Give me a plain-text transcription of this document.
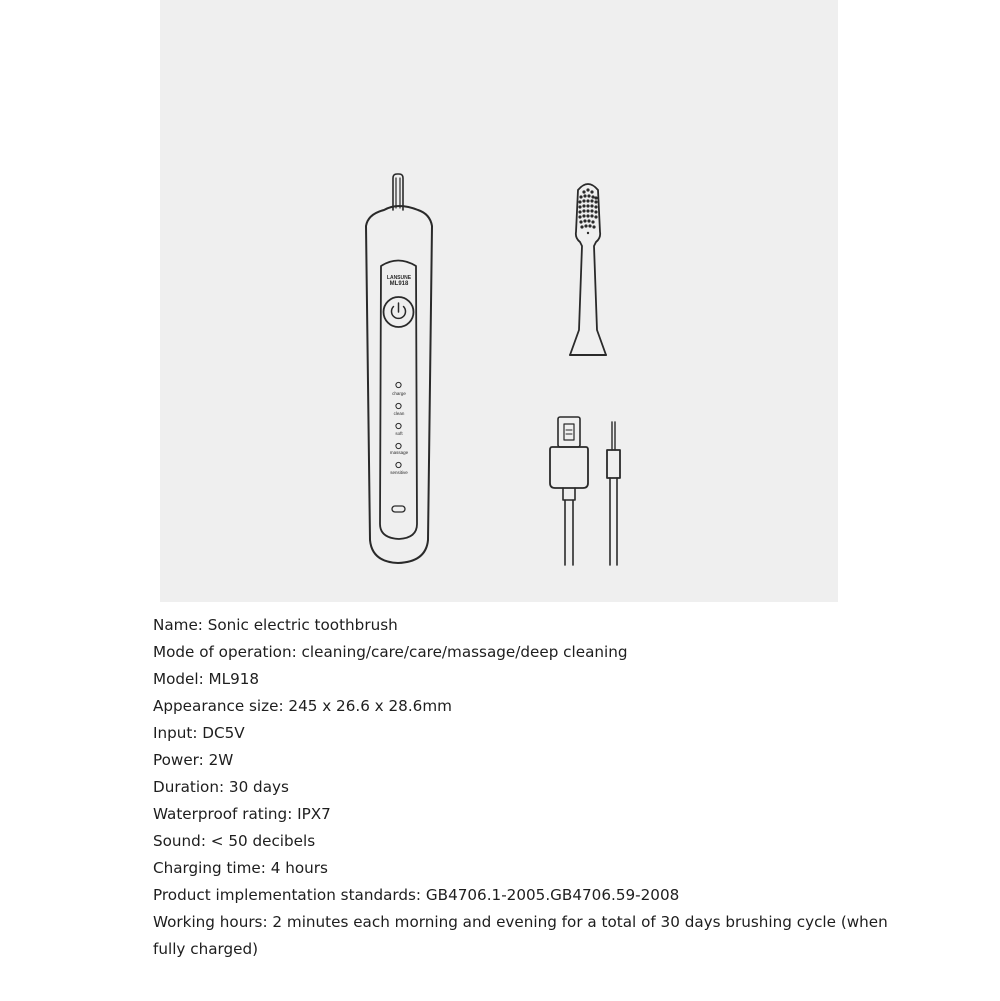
LANSUNE
ML918
charge
clean
soft
massage
sensitive
Name: Sonic electric toothbrush
Mode of operation: cleaning/care/care/massage/deep cleaning
Model: ML918
Appearance size: 245 x 26.6 x 28.6mm
Input: DC5V
Power: 2W
Duration: 30 days
Waterproof rating: IPX7
Sound: < 50 decibels
Charging time: 4 hours
Product implementation standards: GB4706.1-2005.GB4706.59-2008
Working hours: 2 minutes each morning and evening for a total of 30 days brushing cycle (when fully charged)
